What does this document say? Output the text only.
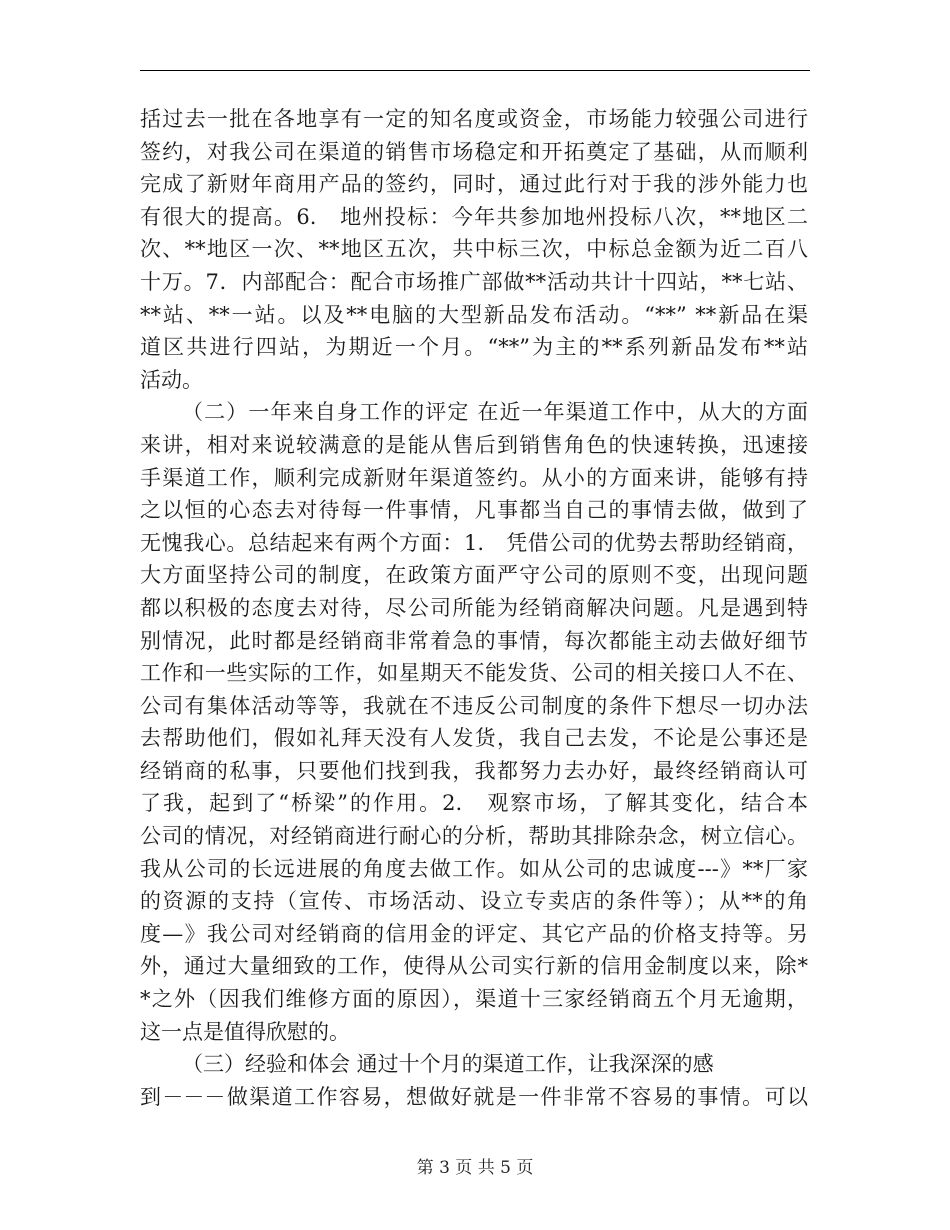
括过去一批在各地享有一定的知名度或资金，市场能力较强公司进行
签约，对我公司在渠道的销售市场稳定和开拓奠定了基础，从而顺利
完成了新财年商用产品的签约，同时，通过此行对于我的涉外能力也
有很大的提高。6.　地州投标：今年共参加地州投标八次，**地区二
次、**地区一次、**地区五次，共中标三次，中标总金额为近二百八
十万。7．内部配合：配合市场推广部做**活动共计十四站，**七站、
**站、**一站。以及**电脑的大型新品发布活动。“**” **新品在渠
道区共进行四站，为期近一个月。“**”为主的**系列新品发布**站
活动。
（二）一年来自身工作的评定 在近一年渠道工作中，从大的方面
来讲，相对来说较满意的是能从售后到销售角色的快速转换，迅速接
手渠道工作，顺利完成新财年渠道签约。从小的方面来讲，能够有持
之以恒的心态去对待每一件事情，凡事都当自己的事情去做，做到了
无愧我心。总结起来有两个方面：1.　凭借公司的优势去帮助经销商，
大方面坚持公司的制度，在政策方面严守公司的原则不变，出现问题
都以积极的态度去对待，尽公司所能为经销商解决问题。凡是遇到特
别情况，此时都是经销商非常着急的事情，每次都能主动去做好细节
工作和一些实际的工作，如星期天不能发货、公司的相关接口人不在、
公司有集体活动等等，我就在不违反公司制度的条件下想尽一切办法
去帮助他们，假如礼拜天没有人发货，我自己去发，不论是公事还是
经销商的私事，只要他们找到我，我都努力去办好，最终经销商认可
了我，起到了“桥梁”的作用。2.　观察市场，了解其变化，结合本
公司的情况，对经销商进行耐心的分析，帮助其排除杂念，树立信心。
我从公司的长远进展的角度去做工作。如从公司的忠诚度---》**厂家
的资源的支持（宣传、市场活动、设立专卖店的条件等）；从**的角
度—》我公司对经销商的信用金的评定、其它产品的价格支持等。另
外，通过大量细致的工作，使得从公司实行新的信用金制度以来，除*
*之外（因我们维修方面的原因），渠道十三家经销商五个月无逾期，
这一点是值得欣慰的。
（三）经验和体会 通过十个月的渠道工作，让我深深的感
到－－－做渠道工作容易，想做好就是一件非常不容易的事情。可以
第 3 页 共 5 页
